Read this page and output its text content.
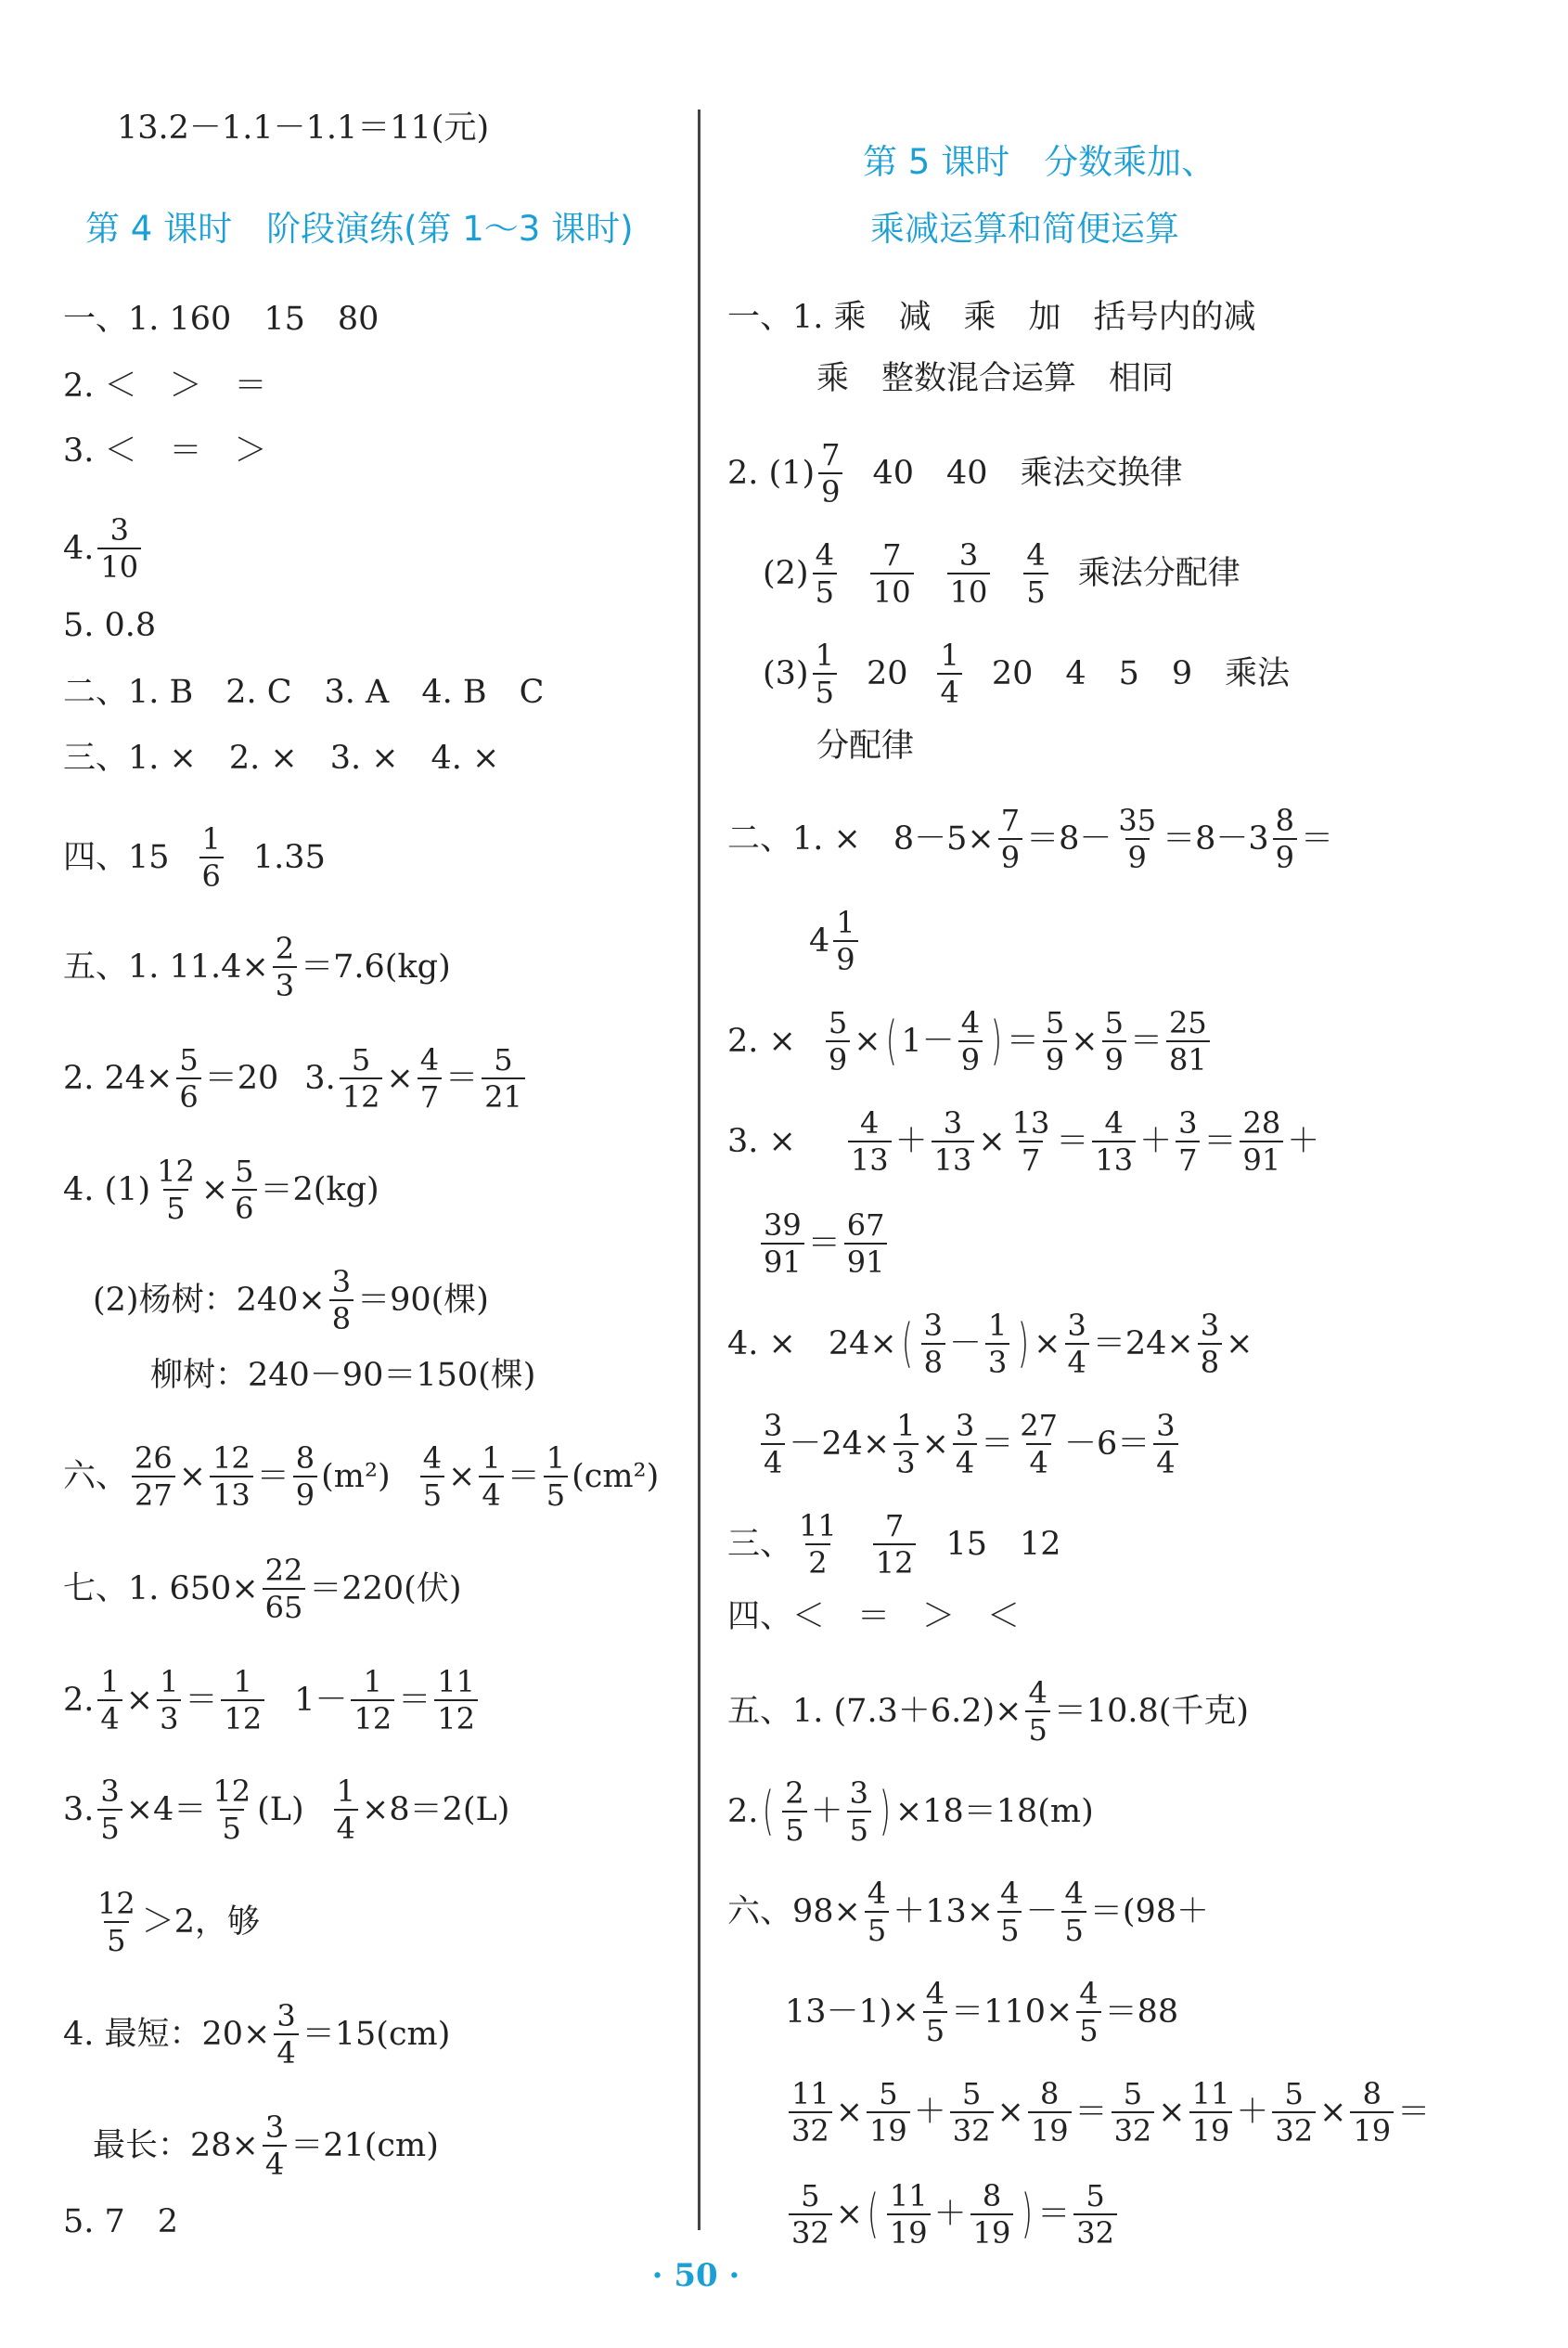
13.2－1.1－1.1＝11(元)
第 4 课时　阶段演练(第 1～3 课时)
一、1. 160　15　80
2. ＜　＞　＝
3. ＜　＝　＞
4. $\frac{3}{10}$
5. 0.8
二、1. B　2. C　3. A　4. B　C
三、1. ×　2. ×　3. ×　4. ×
四、$15 \frac{1}{6} 1.35$
五、1. $11.4\times \frac{2}{3} =7.6(kg)$
2. $24\times \frac{5}{6} =20$ 3. $\frac{5}{12} \times \frac{4}{7} = \frac{5}{21}$
4. $(1) \frac{12}{5} \times \frac{5}{6} =2(kg)$
(2)杨树：$240\times \frac{3}{8} =90$(棵)
柳树：240－90＝150(棵)
六、 $\frac{26}{27} \times \frac{12}{13} = \frac{8}{9} (m^2) \frac{4}{5} \times \frac{1}{4} = \frac{1}{5} (cm^2)$
七、1. $650\times \frac{22}{65} =220$(伏)
2. $\frac{1}{4} \times \frac{1}{3} = \frac{1}{12} 1- \frac{1}{12} = \frac{11}{12}$
3. $\frac{3}{5} \times 4= \frac{12}{5} (L) \frac{1}{4} \times 8=2(L)$
$\frac{12}{5} >2$，够
4. 最短：$20\times \frac{3}{4} =15(cm)$
最长：$28\times \frac{3}{4} =21(cm)$
5. 7　2
第 5 课时　分数乘加、
乘减运算和简便运算
一、1. 乘　减　乘　加　括号内的减
乘　整数混合运算　相同
2. $(1) \frac{7}{9} 40$　40　乘法交换律
$(2) \frac{4}{5} \frac{7}{10} \frac{3}{10} \frac{4}{5}$ 乘法分配律
$(3) \frac{1}{5} 20 \frac{1}{4} 20$　4　5　9　乘法
分配律
二、1. ×　$8-5\times \frac{7}{9} =8- \frac{35}{9} =8-3 \frac{8}{9}$ ＝
$4 \frac{1}{9}$
2. × $\frac{5}{9}$ × ( $1- \frac{4}{9}$ ) ＝ $\frac{5}{9} \times \frac{5}{9} = \frac{25}{81}$
3. × $\frac{4}{13} + \frac{3}{13} \times \frac{13}{7} = \frac{4}{13} + \frac{3}{7} = \frac{28}{91}$ ＋
$\frac{39}{91} = \frac{67}{91}$
4. ×　24× ( $\frac{3}{8} - \frac{1}{3}$ ) × $\frac{3}{4} =24\times \frac{3}{8}$ ×
$\frac{3}{4} -24\times \frac{1}{3} \times \frac{3}{4} = \frac{27}{4} -6= \frac{3}{4}$
三、 $\frac{11}{2} \frac{7}{12} 15$　12
四、＜　＝　＞　＜
五、1. $(7.3+6.2)\times \frac{4}{5} =10.8$(千克)
2. ( $\frac{2}{5} + \frac{3}{5}$ ) ×18＝18(m)
六、$98\times \frac{4}{5} +13\times \frac{4}{5} - \frac{4}{5} =(98+$
$13-1)\times \frac{4}{5} =110\times \frac{4}{5} =88$
$\frac{11}{32} \times \frac{5}{19} + \frac{5}{32} \times \frac{8}{19} = \frac{5}{32} \times \frac{11}{19} + \frac{5}{32} \times \frac{8}{19}$ ＝
$\frac{5}{32}$ × ( $\frac{11}{19} + \frac{8}{19}$ ) ＝ $\frac{5}{32}$
· 50 ·
